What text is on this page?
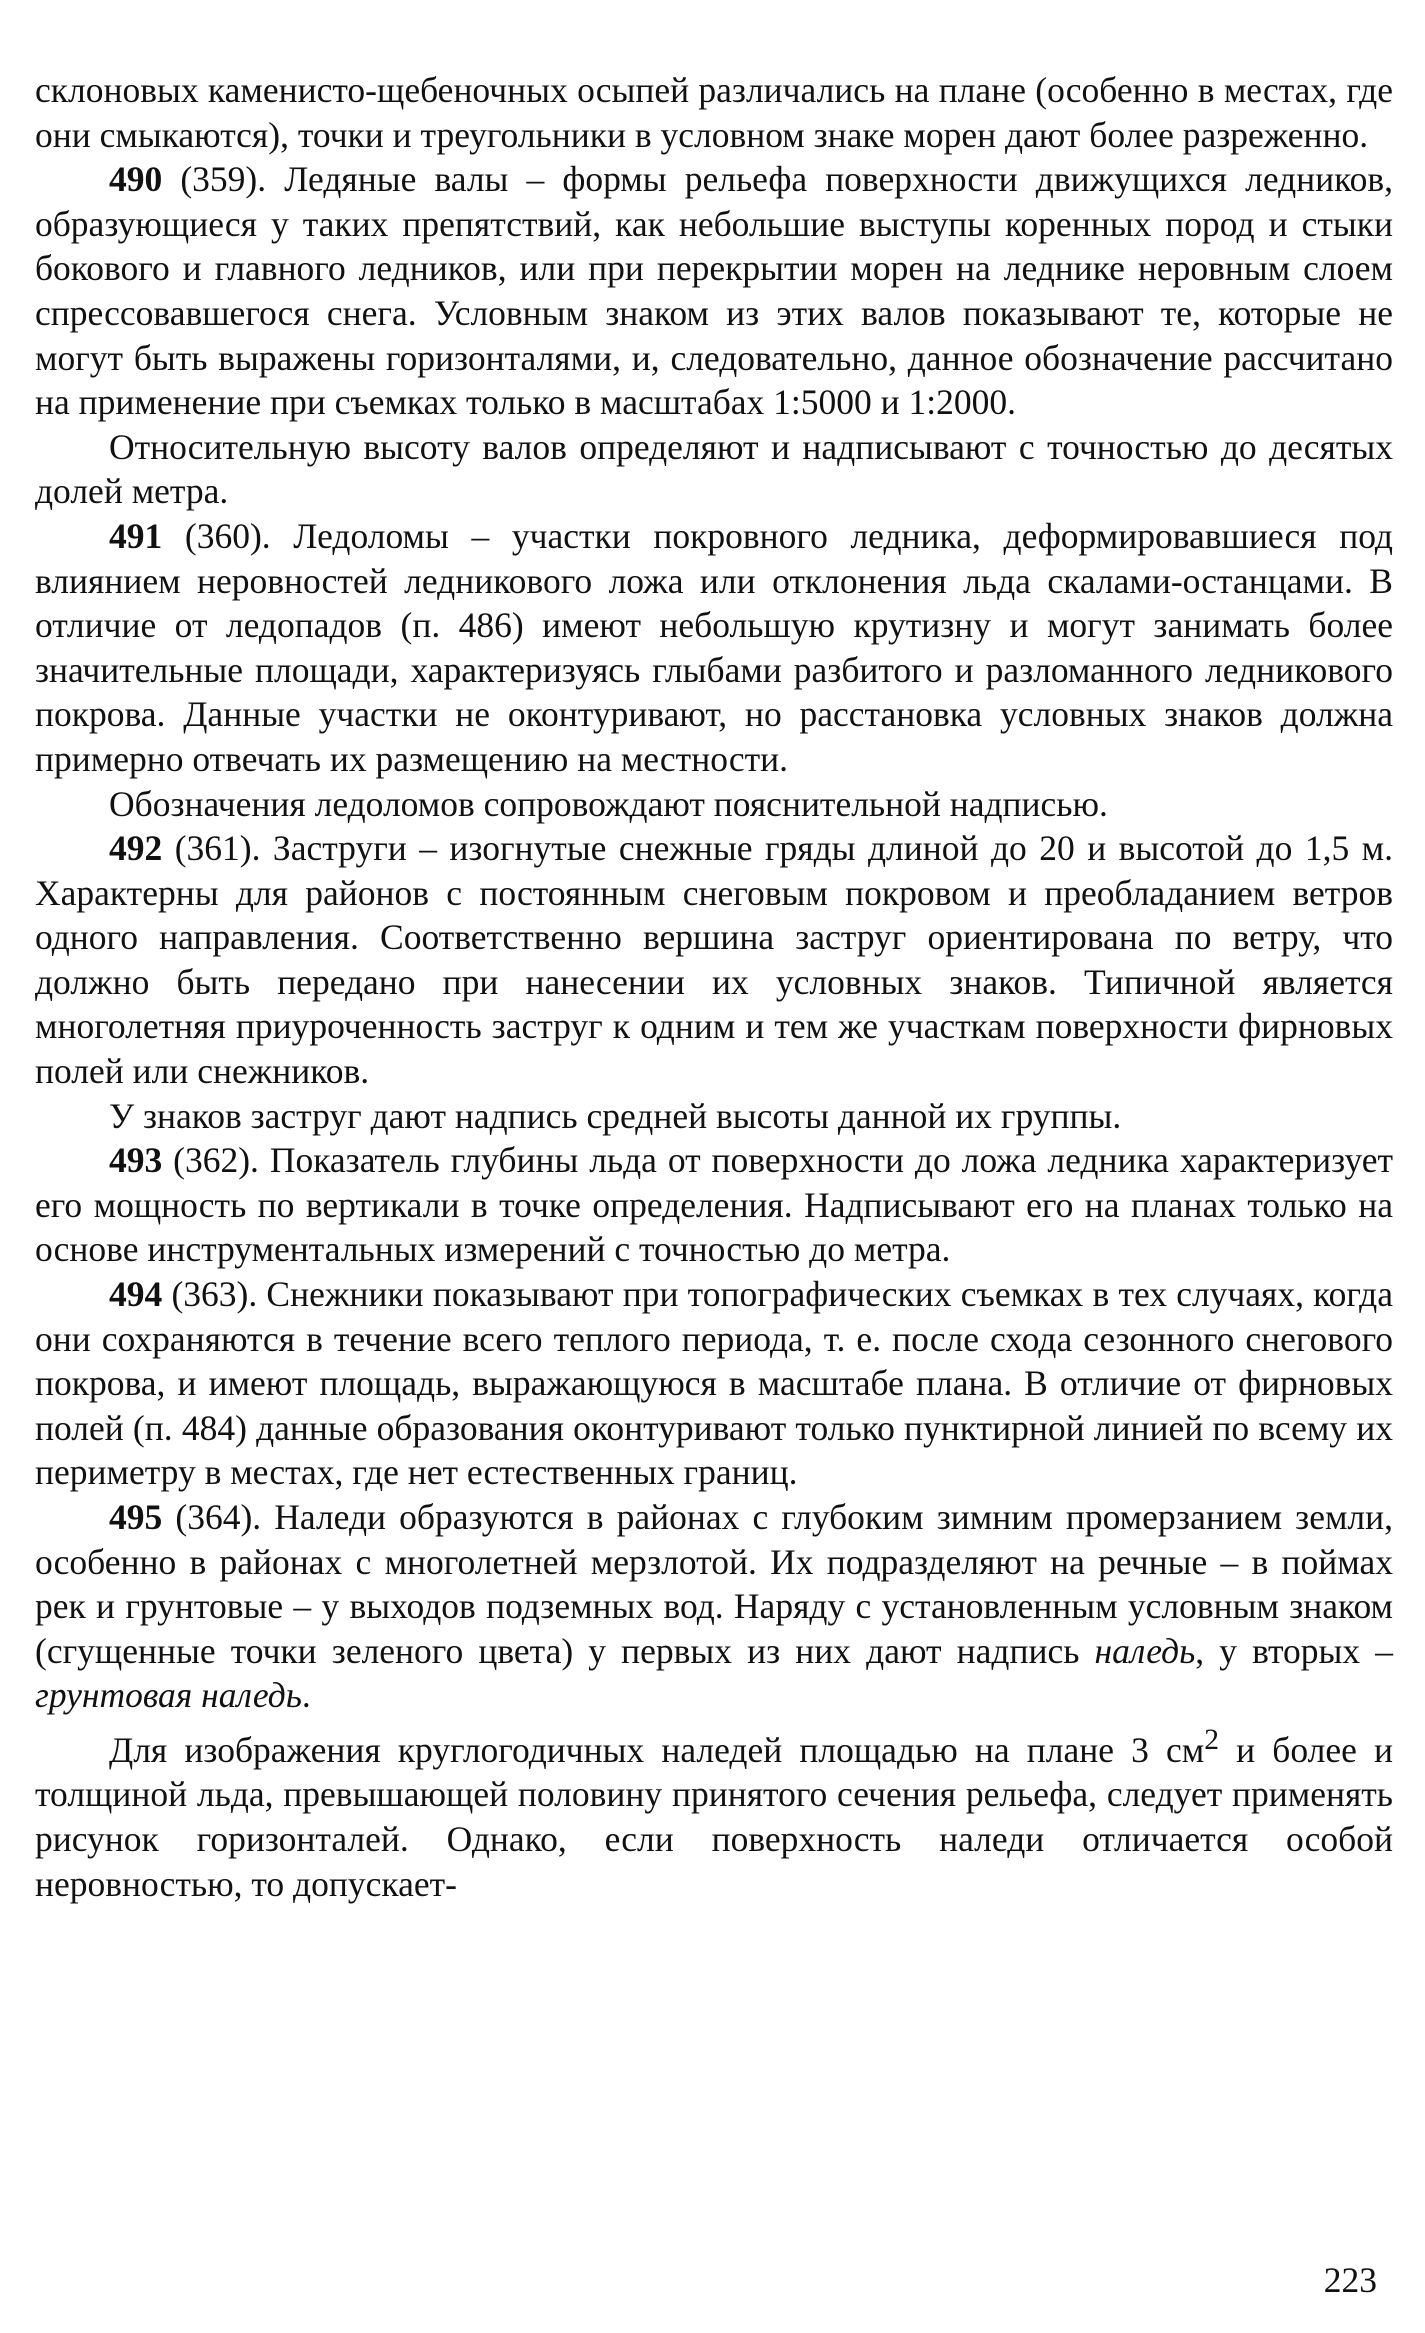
склоновых каменисто-щебеночных осыпей различались на плане (особенно в местах, где они смыкаются), точки и треугольники в условном знаке морен дают более разреженно.

490 (359). Ледяные валы – формы рельефа поверхности движущихся ледников, образующиеся у таких препятствий, как небольшие выступы коренных пород и стыки бокового и главного ледников, или при перекрытии морен на леднике неровным слоем спрессовавшегося снега. Условным знаком из этих валов показывают те, которые не могут быть выражены горизонталями, и, следовательно, данное обозначение рассчитано на применение при съемках только в масштабах 1:5000 и 1:2000.

Относительную высоту валов определяют и надписывают с точностью до десятых долей метра.

491 (360). Ледоломы – участки покровного ледника, деформировавшиеся под влиянием неровностей ледникового ложа или отклонения льда скалами-останцами. В отличие от ледопадов (п. 486) имеют небольшую крутизну и могут занимать более значительные площади, характеризуясь глыбами разбитого и разломанного ледникового покрова. Данные участки не оконтуривают, но расстановка условных знаков должна примерно отвечать их размещению на местности.

Обозначения ледоломов сопровождают пояснительной надписью.

492 (361). Заструги – изогнутые снежные гряды длиной до 20 и высотой до 1,5 м. Характерны для районов с постоянным снеговым покровом и преобладанием ветров одного направления. Соответственно вершина заструг ориентирована по ветру, что должно быть передано при нанесении их условных знаков. Типичной является многолетняя приуроченность заструг к одним и тем же участкам поверхности фирновых полей или снежников.

У знаков заструг дают надпись средней высоты данной их группы.

493 (362). Показатель глубины льда от поверхности до ложа ледника характеризует его мощность по вертикали в точке определения. Надписывают его на планах только на основе инструментальных измерений с точностью до метра.

494 (363). Снежники показывают при топографических съемках в тех случаях, когда они сохраняются в течение всего теплого периода, т. е. после схода сезонного снегового покрова, и имеют площадь, выражающуюся в масштабе плана. В отличие от фирновых полей (п. 484) данные образования оконтуривают только пунктирной линией по всему их периметру в местах, где нет естественных границ.

495 (364). Наледи образуются в районах с глубоким зимним промерзанием земли, особенно в районах с многолетней мерзлотой. Их подразделяют на речные – в поймах рек и грунтовые – у выходов подземных вод. Наряду с установленным условным знаком (сгущенные точки зеленого цвета) у первых из них дают надпись наледь, у вторых – грунтовая наледь.

Для изображения круглогодичных наледей площадью на плане 3 $см^2$ и более и толщиной льда, превышающей половину принятого сечения рельефа, следует применять рисунок горизонталей. Однако, если поверхность наледи отличается особой неровностью, то допускает-

223
